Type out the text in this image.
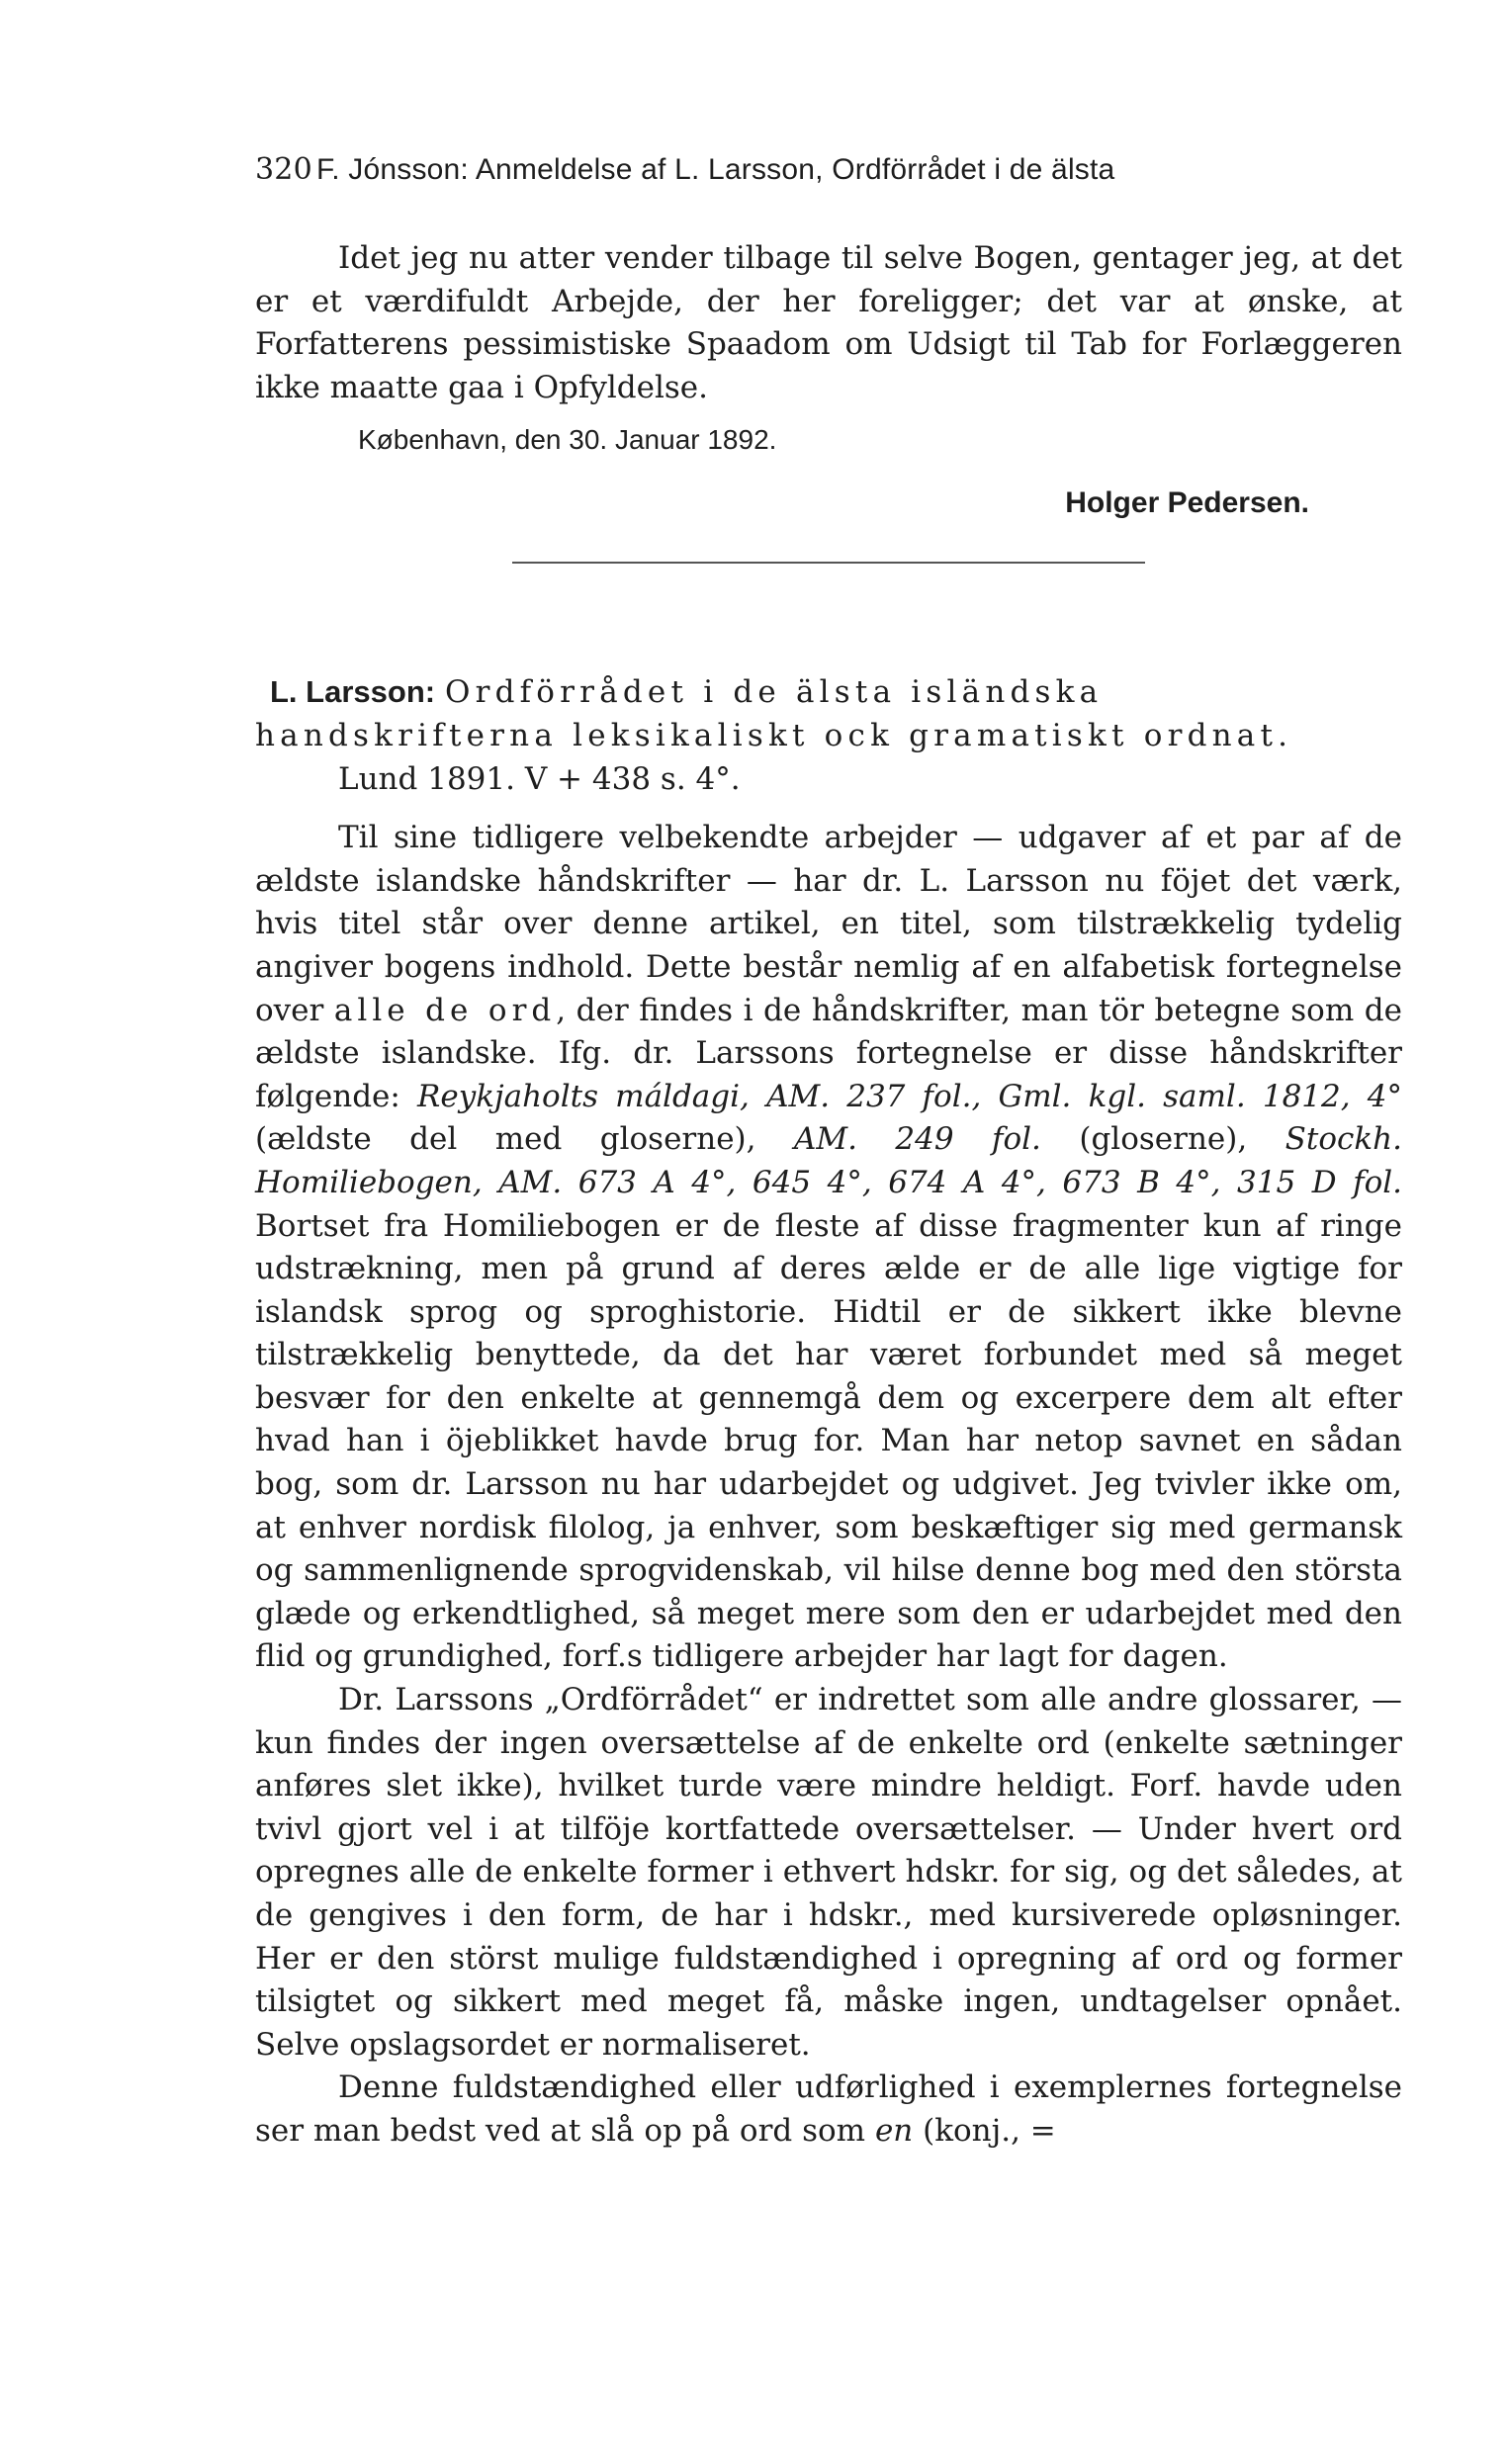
320 F. Jónsson: Anmeldelse af L. Larsson, Ordförrådet i de älsta

Idet jeg nu atter vender tilbage til selve Bogen, gentager jeg, at det er et værdifuldt Arbejde, der her foreligger; det var at ønske, at Forfatterens pessimistiske Spaadom om Udsigt til Tab for Forlæggeren ikke maatte gaa i Opfyldelse.

København, den 30. Januar 1892.
Holger Pedersen.
L. Larsson: Ordförrådet i de älsta isländska handskrifterna leksikaliskt ock gramatiskt ordnat.
Lund 1891. V + 438 s. 4°.

Til sine tidligere velbekendte arbejder — udgaver af et par af de ældste islandske håndskrifter — har dr. L. Larsson nu föjet det værk, hvis titel står over denne artikel, en titel, som tilstrækkelig tydelig angiver bogens indhold. Dette består nemlig af en alfabetisk fortegnelse over alle de ord, der findes i de håndskrifter, man tör betegne som de ældste islandske. Ifg. dr. Larssons fortegnelse er disse håndskrifter følgende: Reykjaholts máldagi, AM. 237 fol., Gml. kgl. saml. 1812, 4° (ældste del med gloserne), AM. 249 fol. (gloserne), Stockh. Homiliebogen, AM. 673 A 4°, 645 4°, 674 A 4°, 673 B 4°, 315 D fol. Bortset fra Homiliebogen er de fleste af disse fragmenter kun af ringe udstrækning, men på grund af deres ælde er de alle lige vigtige for islandsk sprog og sproghistorie. Hidtil er de sikkert ikke blevne tilstrækkelig benyttede, da det har været forbundet med så meget besvær for den enkelte at gennemgå dem og excerpere dem alt efter hvad han i öjeblikket havde brug for. Man har netop savnet en sådan bog, som dr. Larsson nu har udarbejdet og udgivet. Jeg tvivler ikke om, at enhver nordisk filolog, ja enhver, som beskæftiger sig med germansk og sammenlignende sprogvidenskab, vil hilse denne bog med den största glæde og erkendtlighed, så meget mere som den er udarbejdet med den flid og grundighed, forf.s tidligere arbejder har lagt for dagen.

Dr. Larssons „Ordförrådet“ er indrettet som alle andre glossarer, — kun findes der ingen oversættelse af de enkelte ord (enkelte sætninger anføres slet ikke), hvilket turde være mindre heldigt. Forf. havde uden tvivl gjort vel i at tilföje kortfattede oversættelser. — Under hvert ord opregnes alle de enkelte former i ethvert hdskr. for sig, og det således, at de gengives i den form, de har i hdskr., med kursiverede opløsninger. Her er den störst mulige fuldstændighed i opregning af ord og former tilsigtet og sikkert med meget få, måske ingen, undtagelser opnået. Selve opslagsordet er normaliseret.

Denne fuldstændighed eller udførlighed i exemplernes fortegnelse ser man bedst ved at slå op på ord som en (konj., =
